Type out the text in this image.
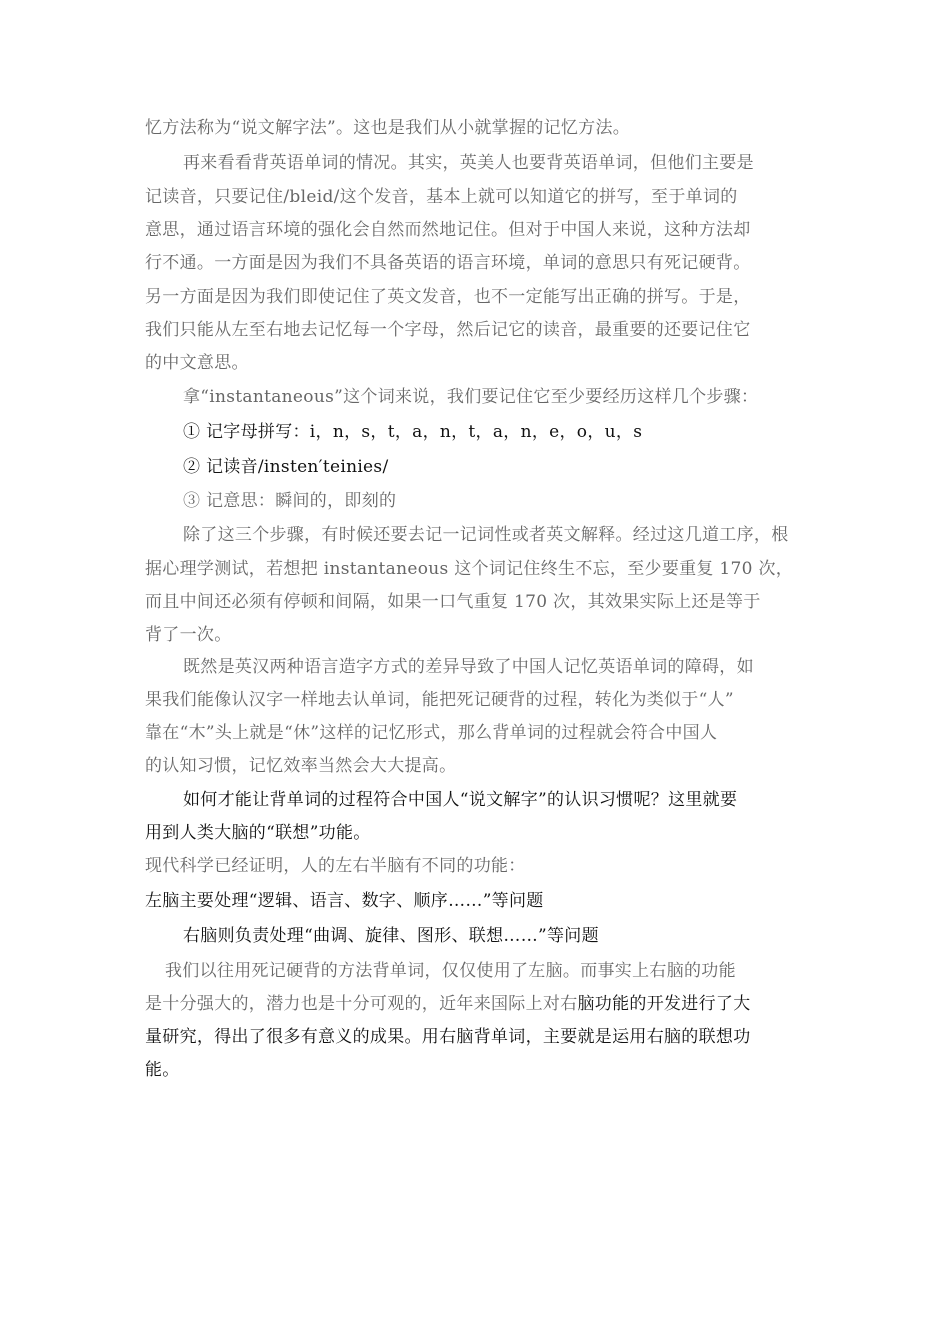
忆方法称为“说文解字法”。这也是我们从小就掌握的记忆方法。
再来看看背英语单词的情况。其实，英美人也要背英语单词，但他们主要是
记读音，只要记住/bleid/这个发音，基本上就可以知道它的拼写，至于单词的
意思，通过语言环境的强化会自然而然地记住。但对于中国人来说，这种方法却
行不通。一方面是因为我们不具备英语的语言环境，单词的意思只有死记硬背。
另一方面是因为我们即使记住了英文发音，也不一定能写出正确的拼写。于是，
我们只能从左至右地去记忆每一个字母，然后记它的读音，最重要的还要记住它
的中文意思。
拿“instantaneous”这个词来说，我们要记住它至少要经历这样几个步骤：
① 记字母拼写：i，n，s，t，a，n，t，a，n，e，o，u，s
② 记读音/insten′teinies/
③ 记意思：瞬间的，即刻的
除了这三个步骤，有时候还要去记一记词性或者英文解释。经过这几道工序，根
据心理学测试，若想把 instantaneous 这个词记住终生不忘，至少要重复 170 次，
而且中间还必须有停顿和间隔，如果一口气重复 170 次，其效果实际上还是等于
背了一次。
既然是英汉两种语言造字方式的差异导致了中国人记忆英语单词的障碍，如
果我们能像认汉字一样地去认单词，能把死记硬背的过程，转化为类似于“人”
靠在“木”头上就是“休”这样的记忆形式，那么背单词的过程就会符合中国人
的认知习惯，记忆效率当然会大大提高。
如何才能让背单词的过程符合中国人“说文解字”的认识习惯呢？这里就要
用到人类大脑的“联想”功能。
现代科学已经证明，人的左右半脑有不同的功能：
左脑主要处理“逻辑、语言、数字、顺序……”等问题
右脑则负责处理“曲调、旋律、图形、联想……”等问题
我们以往用死记硬背的方法背单词，仅仅使用了左脑。而事实上右脑的功能
是十分强大的，潜力也是十分可观的，近年来国际上对右脑功能的开发进行了大
量研究，得出了很多有意义的成果。用右脑背单词，主要就是运用右脑的联想功
能。
